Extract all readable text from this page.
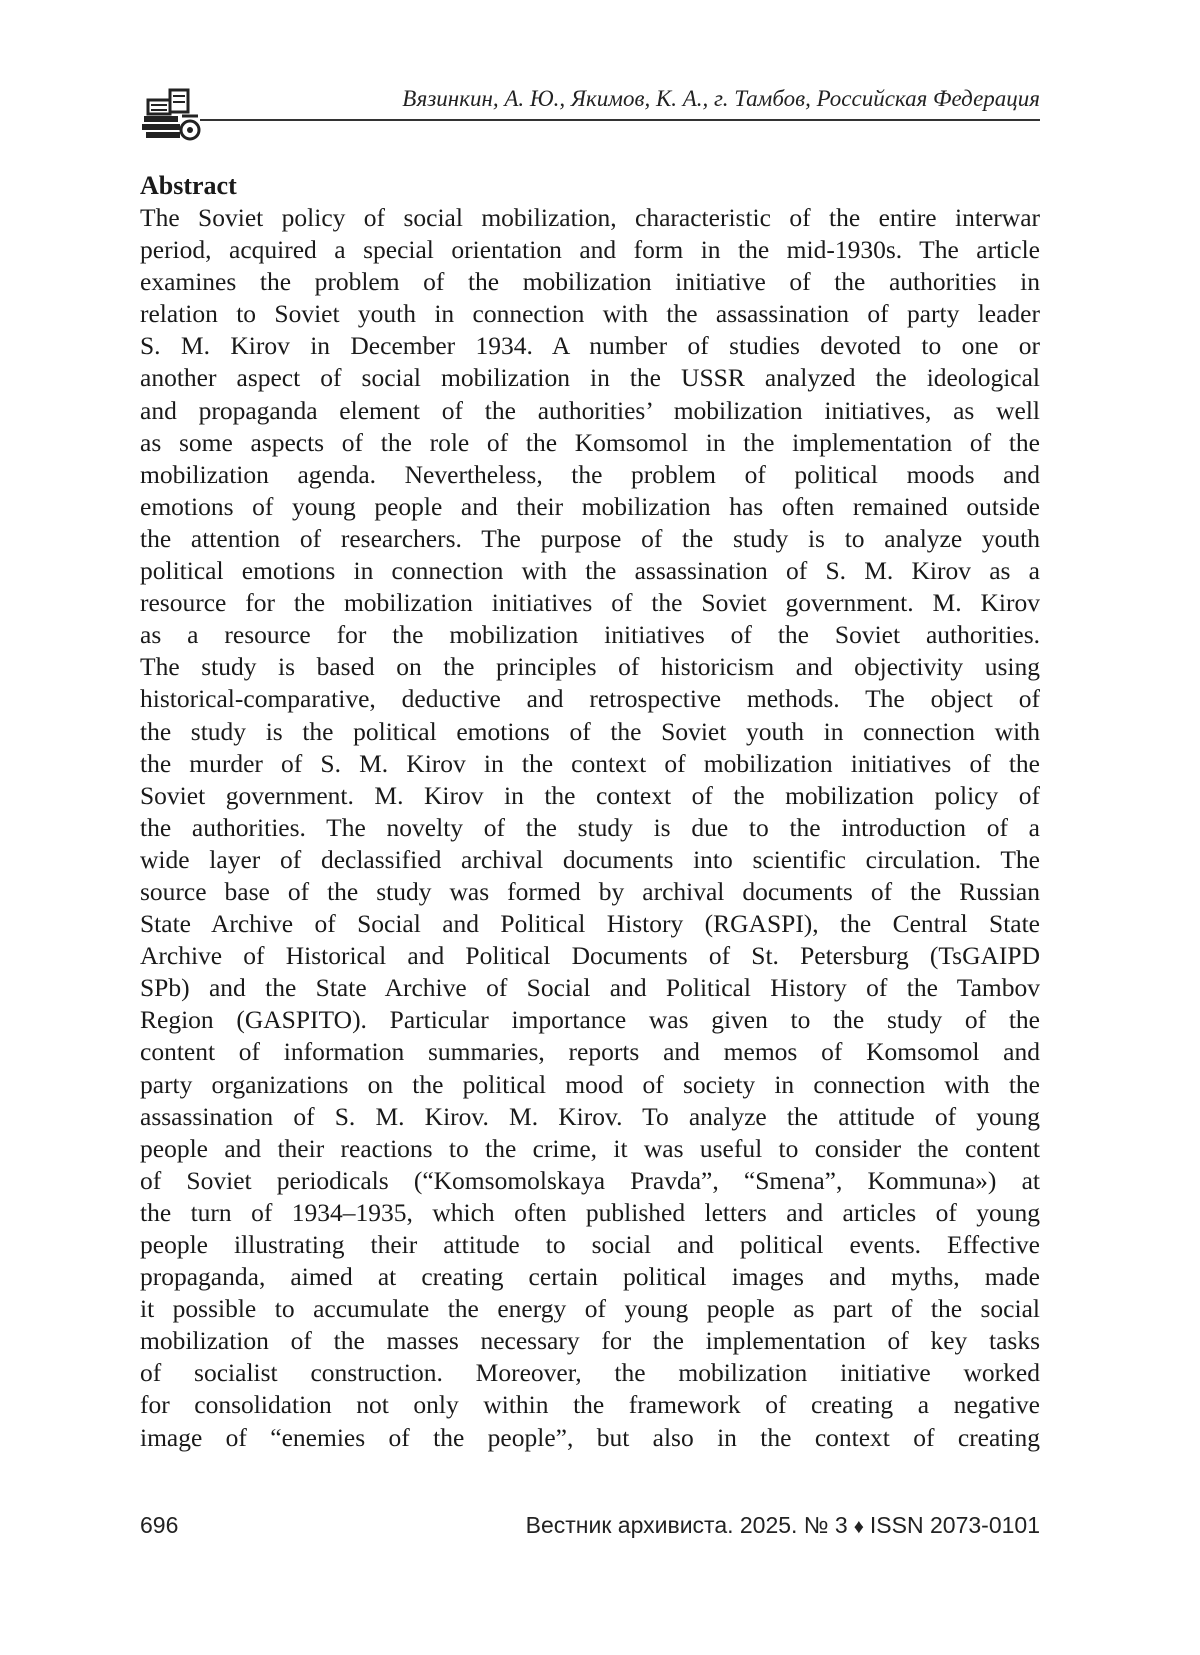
Вязинкин, А. Ю., Якимов, К. А., г. Тамбов, Российская Федерация
Abstract
The Soviet policy of social mobilization, characteristic of the entire interwar
period, acquired a special orientation and form in the mid-1930s. The article
examines the problem of the mobilization initiative of the authorities in
relation to Soviet youth in connection with the assassination of party leader
S. M. Kirov in December 1934. A number of studies devoted to one or
another aspect of social mobilization in the USSR analyzed the ideological
and propaganda element of the authorities’ mobilization initiatives, as well
as some aspects of the role of the Komsomol in the implementation of the
mobilization agenda. Nevertheless, the problem of political moods and
emotions of young people and their mobilization has often remained outside
the attention of researchers. The purpose of the study is to analyze youth
political emotions in connection with the assassination of S. M. Kirov as a
resource for the mobilization initiatives of the Soviet government. M. Kirov
as a resource for the mobilization initiatives of the Soviet authorities.
The study is based on the principles of historicism and objectivity using
historical-comparative, deductive and retrospective methods. The object of
the study is the political emotions of the Soviet youth in connection with
the murder of S. M. Kirov in the context of mobilization initiatives of the
Soviet government. M. Kirov in the context of the mobilization policy of
the authorities. The novelty of the study is due to the introduction of a
wide layer of declassified archival documents into scientific circulation. The
source base of the study was formed by archival documents of the Russian
State Archive of Social and Political History (RGASPI), the Central State
Archive of Historical and Political Documents of St. Petersburg (TsGAIPD
SPb) and the State Archive of Social and Political History of the Tambov
Region (GASPITO). Particular importance was given to the study of the
content of information summaries, reports and memos of Komsomol and
party organizations on the political mood of society in connection with the
assassination of S. M. Kirov. M. Kirov. To analyze the attitude of young
people and their reactions to the crime, it was useful to consider the content
of Soviet periodicals (“Komsomolskaya Pravda”, “Smena”, Kommuna») at
the turn of 1934–1935, which often published letters and articles of young
people illustrating their attitude to social and political events. Effective
propaganda, aimed at creating certain political images and myths, made
it possible to accumulate the energy of young people as part of the social
mobilization of the masses necessary for the implementation of key tasks
of socialist construction. Moreover, the mobilization initiative worked
for consolidation not only within the framework of creating a negative
image of “enemies of the people”, but also in the context of creating
696	Вестник архивиста. 2025. № 3 ♦ ISSN 2073-0101
